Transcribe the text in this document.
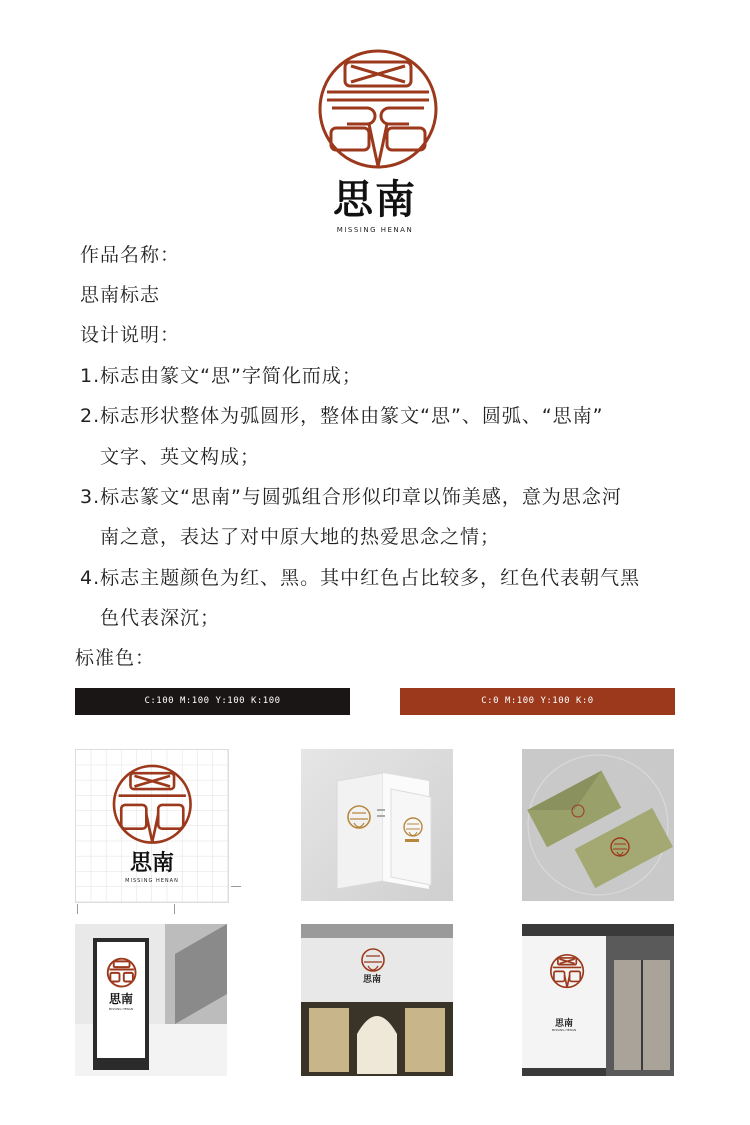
思南
MISSING HENAN
作品名称：
思南标志
设计说明：
1.标志由篆文“思”字简化而成；
2.标志形状整体为弧圆形，整体由篆文“思”、圆弧、“思南”
文字、英文构成；
3.标志篆文“思南”与圆弧组合形似印章以饰美感，意为思念河
南之意，表达了对中原大地的热爱思念之情；
4.标志主题颜色为红、黑。其中红色占比较多，红色代表朝气黑
色代表深沉；
标准色：
C:100 M:100 Y:100 K:100	C:0 M:100 Y:100 K:0
思南
MISSING HENAN
思南
MISSING HENAN
思南
思南
MISSING HENAN
